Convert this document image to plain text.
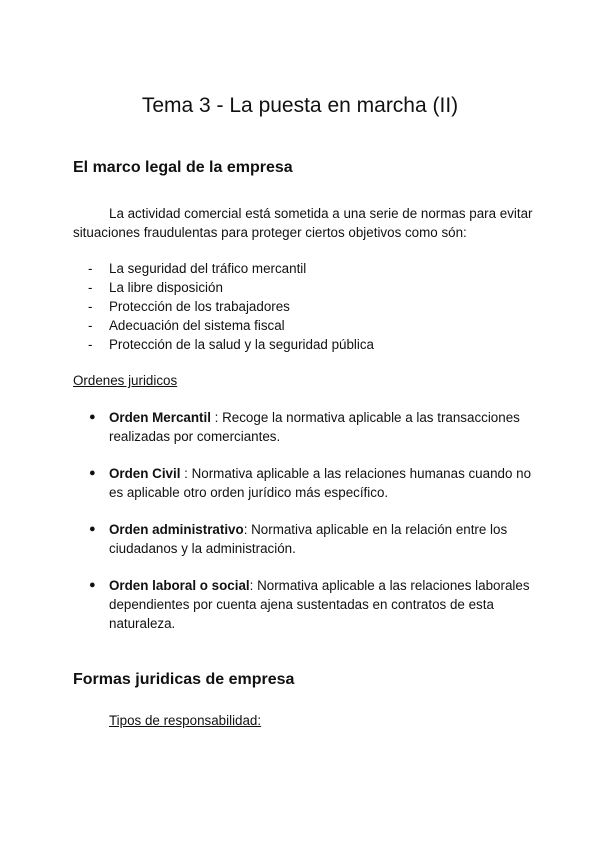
Tema 3 - La puesta en marcha (II)
El marco legal de la empresa

La actividad comercial está sometida a una serie de normas para evitar situaciones fraudulentas para proteger ciertos objetivos como són:

- La seguridad del tráfico mercantil
- La libre disposición
- Protección de los trabajadores
- Adecuación del sistema fiscal
- Protección de la salud y la seguridad pública

Ordenes juridicos

● Orden Mercantil : Recoge la normativa aplicable a las transacciones realizadas por comerciantes.
● Orden Civil : Normativa aplicable a las relaciones humanas cuando no es aplicable otro orden jurídico más específico.
● Orden administrativo: Normativa aplicable en la relación entre los ciudadanos y la administración.
● Orden laboral o social: Normativa aplicable a las relaciones laborales dependientes por cuenta ajena sustentadas en contratos de esta naturaleza.
Formas juridicas de empresa

Tipos de responsabilidad:
